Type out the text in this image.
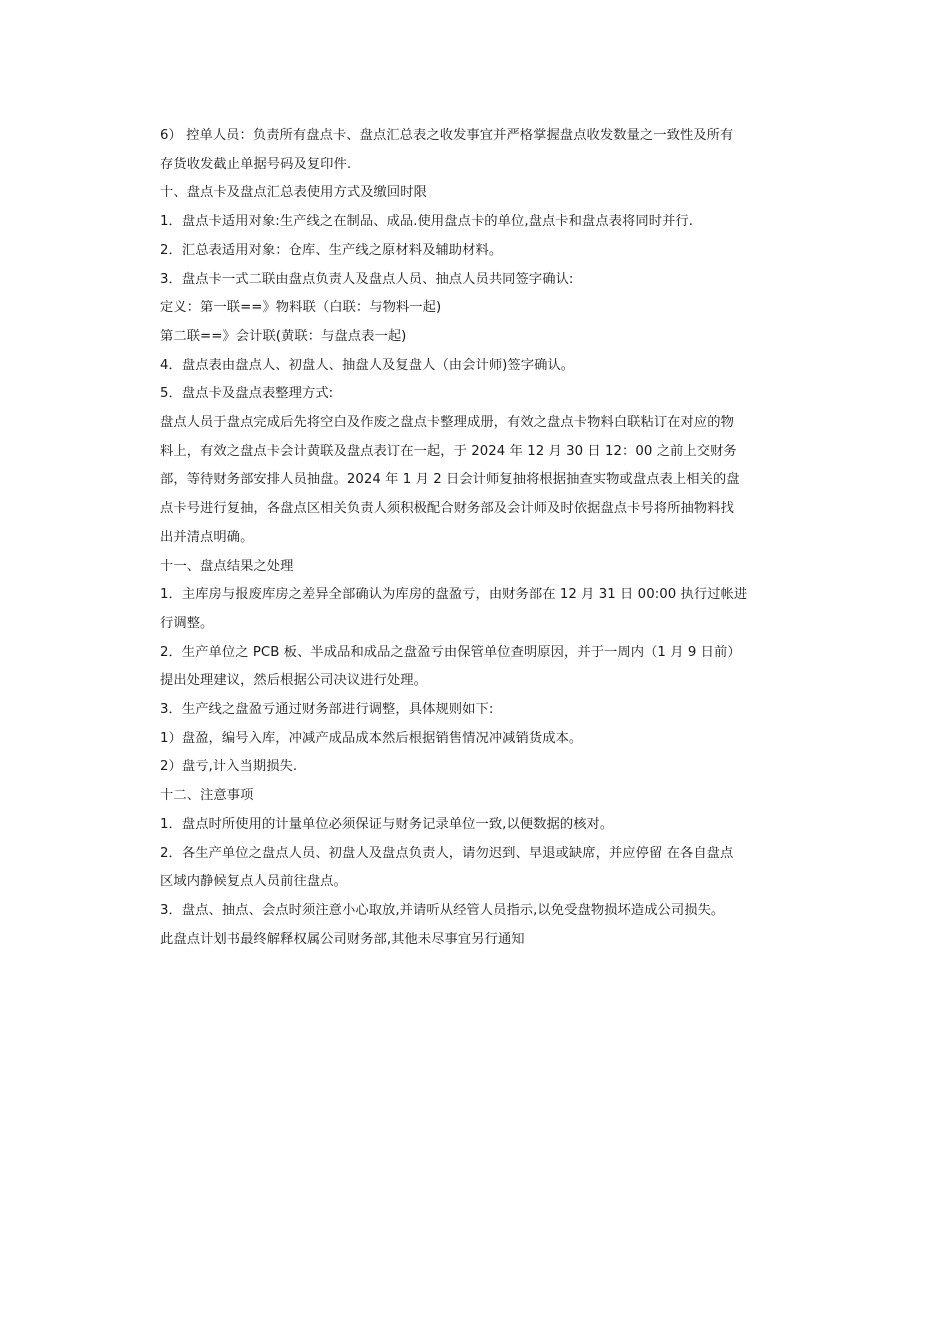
6） 控单人员：负责所有盘点卡、盘点汇总表之收发事宜并严格掌握盘点收发数量之一致性及所有
存货收发截止单据号码及复印件.
十、盘点卡及盘点汇总表使用方式及缴回时限
1．盘点卡适用对象:生产线之在制品、成品.使用盘点卡的单位,盘点卡和盘点表将同时并行.
2．汇总表适用对象：仓库、生产线之原材料及辅助材料。
3．盘点卡一式二联由盘点负责人及盘点人员、抽点人员共同签字确认:
定义：第一联==》物料联（白联：与物料一起)
第二联==》会计联(黄联：与盘点表一起)
4．盘点表由盘点人、初盘人、抽盘人及复盘人（由会计师)签字确认。
5．盘点卡及盘点表整理方式:
盘点人员于盘点完成后先将空白及作废之盘点卡整理成册，有效之盘点卡物料白联粘订在对应的物
料上，有效之盘点卡会计黄联及盘点表订在一起，于 2024 年 12 月 30 日 12：00 之前上交财务
部，等待财务部安排人员抽盘。2024 年 1 月 2 日会计师复抽将根据抽查实物或盘点表上相关的盘
点卡号进行复抽，各盘点区相关负责人须积极配合财务部及会计师及时依据盘点卡号将所抽物料找
出并清点明确。
十一、盘点结果之处理
1．主库房与报废库房之差异全部确认为库房的盘盈亏，由财务部在 12 月 31 日 00:00 执行过帐进
行调整。
2．生产单位之 PCB 板、半成品和成品之盘盈亏由保管单位查明原因，并于一周内（1 月 9 日前）
提出处理建议，然后根据公司决议进行处理。
3．生产线之盘盈亏通过财务部进行调整，具体规则如下:
1）盘盈，编号入库，冲减产成品成本然后根据销售情况冲减销货成本。
2）盘亏,计入当期损失.
十二、注意事项
1．盘点时所使用的计量单位必须保证与财务记录单位一致,以便数据的核对。
2．各生产单位之盘点人员、初盘人及盘点负责人，请勿迟到、早退或缺席，并应停留 在各自盘点
区域内静候复点人员前往盘点。
3．盘点、抽点、会点时须注意小心取放,并请听从经管人员指示,以免受盘物损坏造成公司损失。
此盘点计划书最终解释权属公司财务部,其他未尽事宜另行通知
